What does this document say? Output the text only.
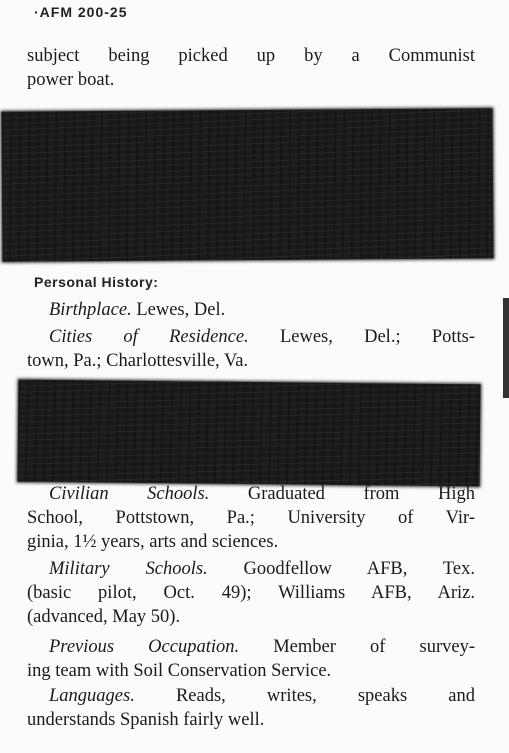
·AFM 200-25
subject being picked up by a Communist
power boat.
Personal History:
Birthplace. Lewes, Del.
Cities of Residence. Lewes, Del.; Potts-
town, Pa.; Charlottesville, Va.
Civilian Schools. Graduated from High
School, Pottstown, Pa.; University of Vir-
ginia, 1½ years, arts and sciences.
Military Schools. Goodfellow AFB, Tex.
(basic pilot, Oct. 49); Williams AFB, Ariz.
(advanced, May 50).
Previous Occupation. Member of survey-
ing team with Soil Conservation Service.
Languages. Reads, writes, speaks and
understands Spanish fairly well.
